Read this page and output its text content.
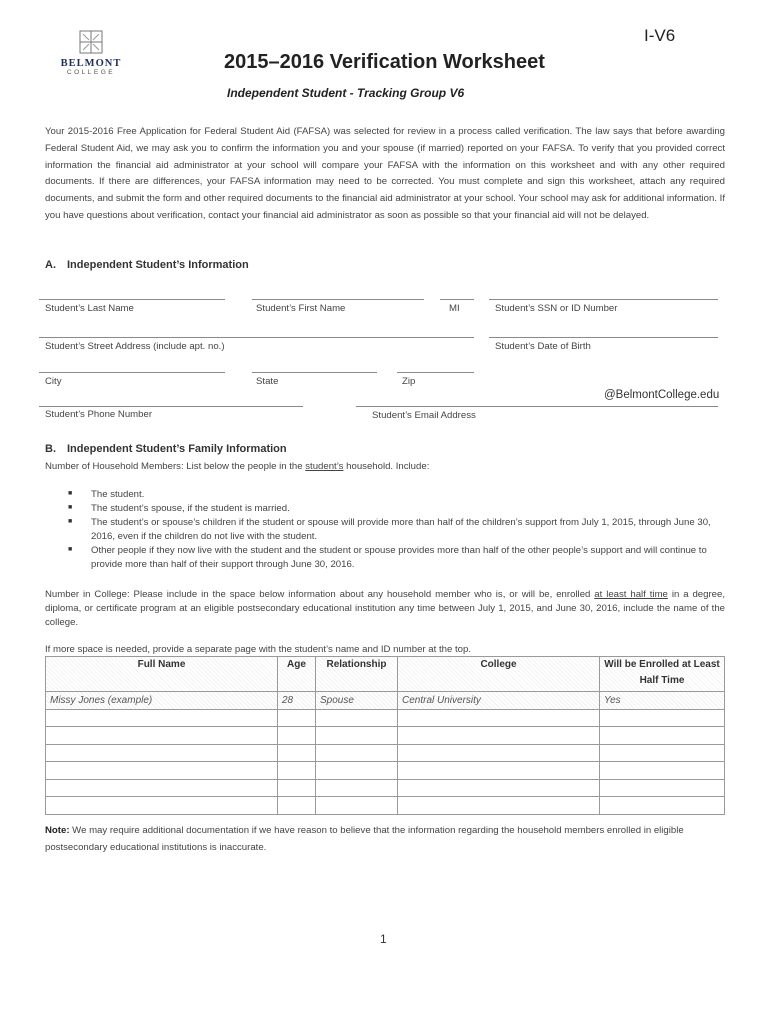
I-V6
BELMONT
COLLEGE	2015–2016 Verification Worksheet
Independent Student - Tracking Group V6
Your 2015-2016 Free Application for Federal Student Aid (FAFSA) was selected for review in a process called verification. The law says that before awarding Federal Student Aid, we may ask you to confirm the information you and your spouse (if married) reported on your FAFSA. To verify that you provided correct information the financial aid administrator at your school will compare your FAFSA with the information on this worksheet and with any other required documents. If there are differences, your FAFSA information may need to be corrected. You must complete and sign this worksheet, attach any required documents, and submit the form and other required documents to the financial aid administrator at your school. Your school may ask for additional information. If you have questions about verification, contact your financial aid administrator as soon as possible so that your financial aid will not be delayed.
A. Independent Student’s Information
Student’s Last Name	Student’s First Name	MI	Student’s SSN or ID Number
Student’s Street Address (include apt. no.)	Student’s Date of Birth
City	State	Zip
@BelmontCollege.edu
Student’s Phone Number	Student’s Email Address
B. Independent Student’s Family Information
Number of Household Members: List below the people in the student’s household. Include:
■ The student.
■ The student’s spouse, if the student is married.
■ The student’s or spouse’s children if the student or spouse will provide more than half of the children’s support from July 1, 2015, through June 30, 2016, even if the children do not live with the student.
■ Other people if they now live with the student and the student or spouse provides more than half of the other people’s support and will continue to provide more than half of their support through June 30, 2016.
Number in College: Please include in the space below information about any household member who is, or will be, enrolled at least half time in a degree, diploma, or certificate program at an eligible postsecondary educational institution any time between July 1, 2015, and June 30, 2016, include the name of the college.
If more space is needed, provide a separate page with the student’s name and ID number at the top.
Full Name	Age	Relationship	College	Will be Enrolled at Least Half Time
Missy Jones (example)	28	Spouse	Central University	Yes

Note: We may require additional documentation if we have reason to believe that the information regarding the household members enrolled in eligible postsecondary educational institutions is inaccurate.
1
